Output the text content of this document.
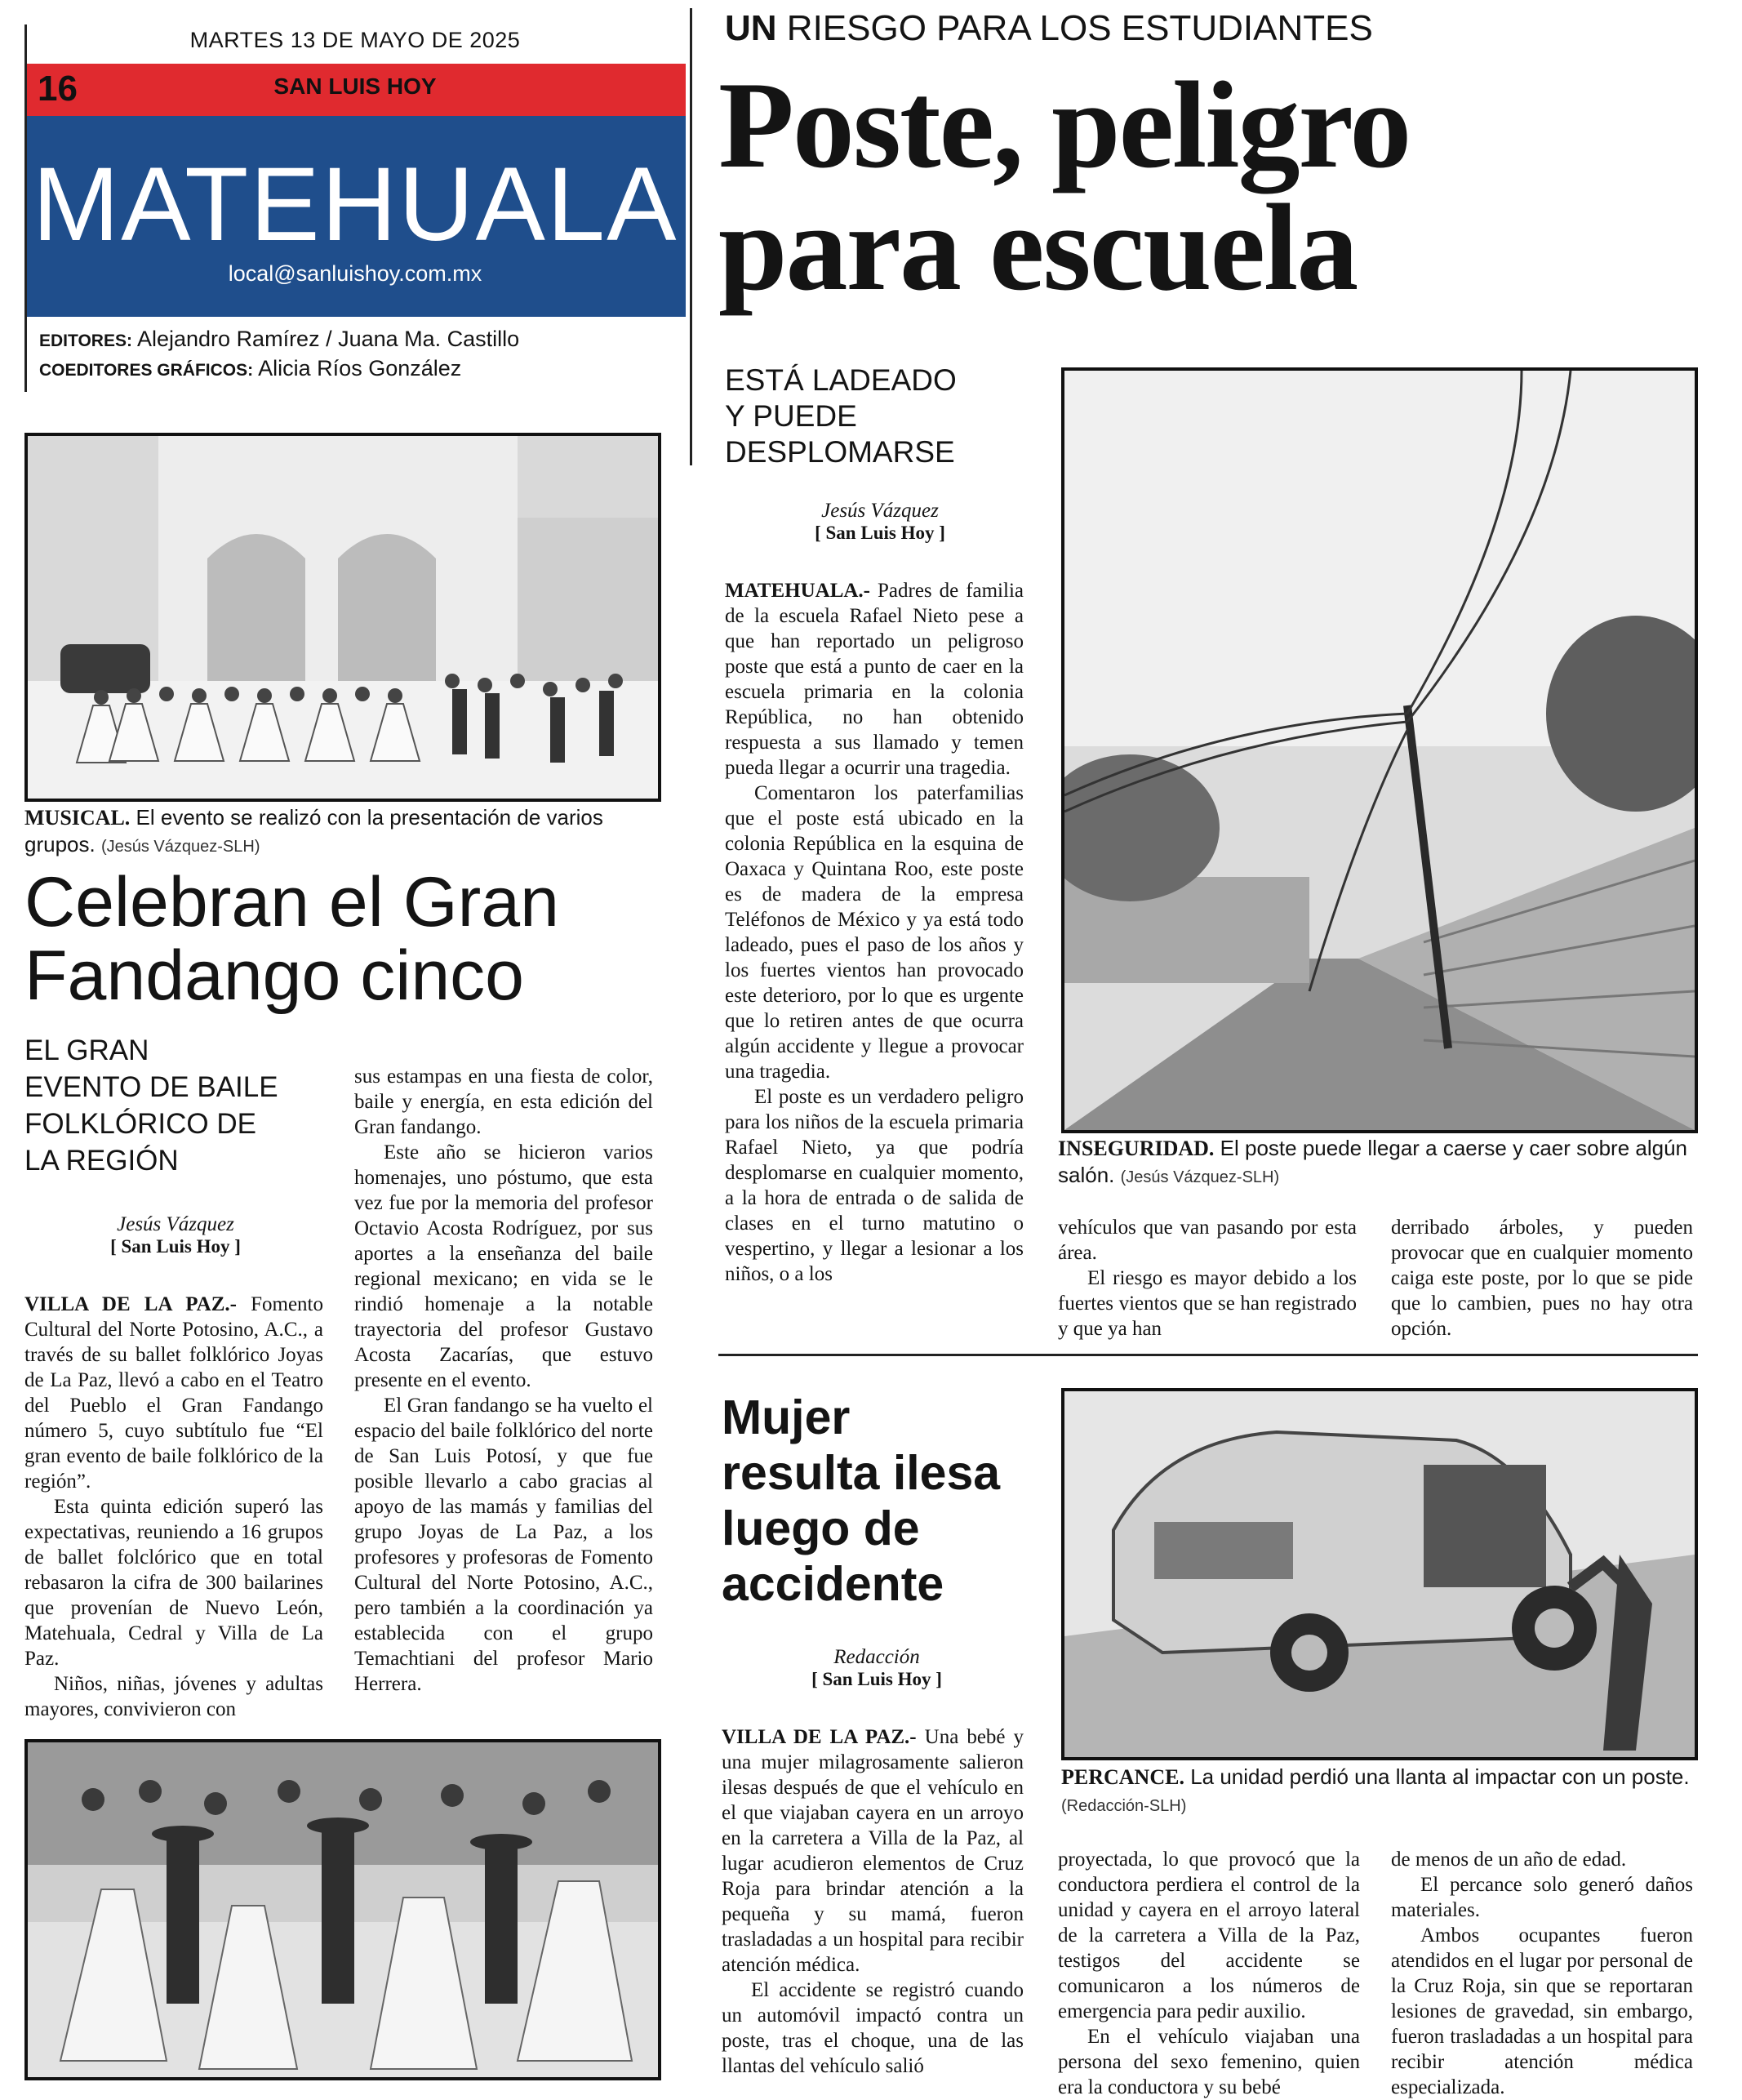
MARTES 13 DE MAYO DE 2025
16	SAN LUIS HOY
MATEHUALA
local@sanluishoy.com.mx
EDITORES: Alejandro Ramírez / Juana Ma. Castillo
COEDITORES GRÁFICOS: Alicia Ríos González
MUSICAL. El evento se realizó con la presentación de varios grupos. (Jesús Vázquez-SLH)
Celebran el Gran
Fandango cinco
EL GRAN
EVENTO DE BAILE
FOLKLÓRICO DE
LA REGIÓN
Jesús Vázquez
[ San Luis Hoy ]

VILLA DE LA PAZ.- Fomento Cultural del Norte Potosino, A.C., a través de su ballet folklórico Joyas de La Paz, llevó a cabo en el Teatro del Pueblo el Gran Fandango número 5, cuyo subtítulo fue “El gran evento de baile folklórico de la región”.

Esta quinta edición superó las expectativas, reuniendo a 16 grupos de ballet folclórico que en total rebasaron la cifra de 300 bailarines que provenían de Nuevo León, Matehuala, Cedral y Villa de La Paz.

Niños, niñas, jóvenes y adultas mayores, convivieron con

sus estampas en una fiesta de color, baile y energía, en esta edición del Gran fandango.

Este año se hicieron varios homenajes, uno póstumo, que esta vez fue por la memoria del profesor Octavio Acosta Rodríguez, por sus aportes a la enseñanza del baile regional mexicano; en vida se le rindió homenaje a la notable trayectoria del profesor Gustavo Acosta Zacarías, que estuvo presente en el evento.

El Gran fandango se ha vuelto el espacio del baile folklórico del norte de San Luis Potosí, y que fue posible llevarlo a cabo gracias al apoyo de las mamás y familias del grupo Joyas de La Paz, a los profesores y profesoras de Fomento Cultural del Norte Potosino, A.C., pero también a la coordinación ya establecida con el grupo Temachtiani del profesor Mario Herrera.

UN RIESGO PARA LOS ESTUDIANTES
Poste, peligro
para escuela
ESTÁ LADEADO
Y PUEDE
DESPLOMARSE
Jesús Vázquez
[ San Luis Hoy ]

MATEHUALA.- Padres de familia de la escuela Rafael Nieto pese a que han reportado un peligroso poste que está a punto de caer en la escuela primaria en la colonia República, no han obtenido respuesta a sus llamado y temen pueda llegar a ocurrir una tragedia.

Comentaron los paterfamilias que el poste está ubicado en la colonia República en la esquina de Oaxaca y Quintana Roo, este poste es de madera de la empresa Teléfonos de México y ya está todo ladeado, pues el paso de los años y los fuertes vientos han provocado este deterioro, por lo que es urgente que lo retiren antes de que ocurra algún accidente y llegue a provocar una tragedia.

El poste es un verdadero peligro para los niños de la escuela primaria Rafael Nieto, ya que podría desplomarse en cualquier momento, a la hora de entrada o de salida de clases en el turno matutino o vespertino, y llegar a lesionar a los niños, o a los

INSEGURIDAD. El poste puede llegar a caerse y caer sobre algún salón. (Jesús Vázquez-SLH)

vehículos que van pasando por esta área.

El riesgo es mayor debido a los fuertes vientos que se han registrado y que ya han

derribado árboles, y pueden provocar que en cualquier momento caiga este poste, por lo que se pide que lo cambien, pues no hay otra opción.

Mujer
resulta ilesa
luego de
accidente
Redacción
[ San Luis Hoy ]

VILLA DE LA PAZ.- Una bebé y una mujer milagrosamente salieron ilesas después de que el vehículo en el que viajaban cayera en un arroyo en la carretera a Villa de la Paz, al lugar acudieron elementos de Cruz Roja para brindar atención a la pequeña y su mamá, fueron trasladadas a un hospital para recibir atención médica.

El accidente se registró cuando un automóvil impactó contra un poste, tras el choque, una de las llantas del vehículo salió

PERCANCE. La unidad perdió una llanta al impactar con un poste. (Redacción-SLH)

proyectada, lo que provocó que la conductora perdiera el control de la unidad y cayera en el arroyo lateral de la carretera a Villa de la Paz, testigos del accidente se comunicaron a los números de emergencia para pedir auxilio.

En el vehículo viajaban una persona del sexo femenino, quien era la conductora y su bebé

de menos de un año de edad.

El percance solo generó daños materiales.

Ambos ocupantes fueron atendidos en el lugar por personal de la Cruz Roja, sin que se reportaran lesiones de gravedad, sin embargo, fueron trasladadas a un hospital para recibir atención médica especializada.
